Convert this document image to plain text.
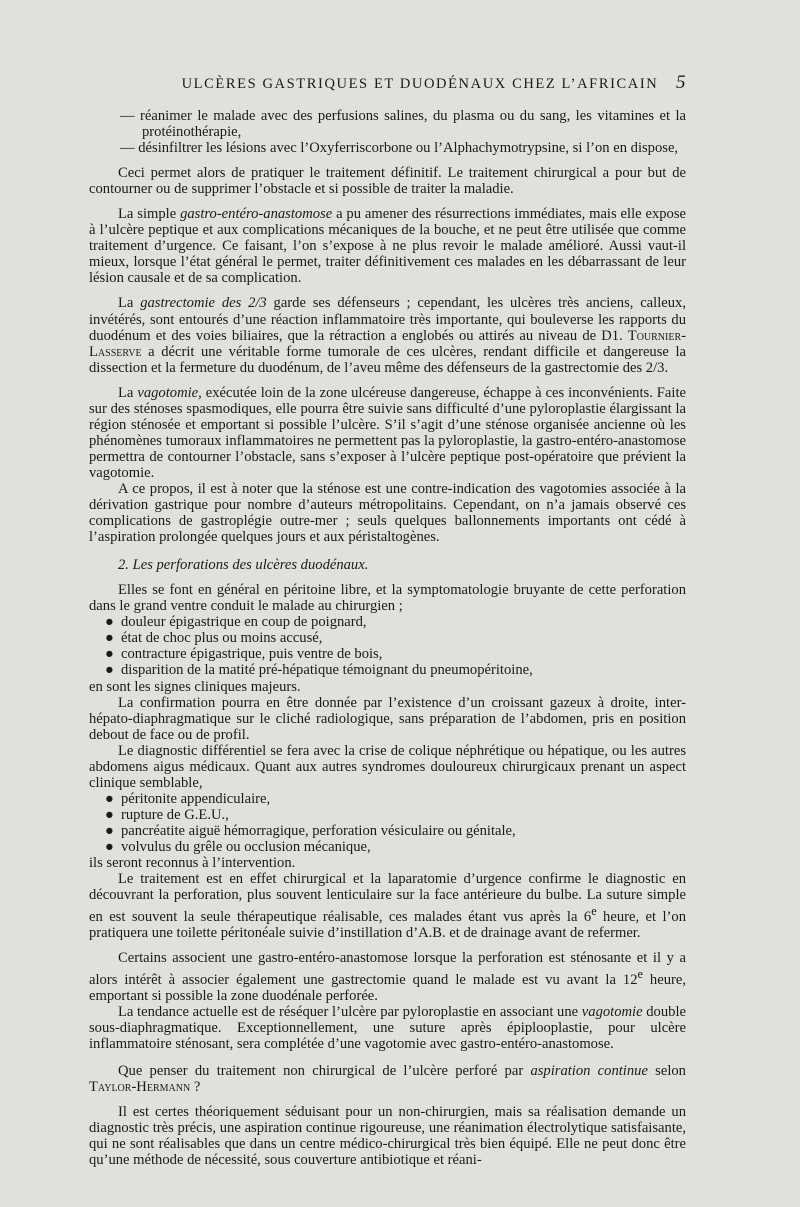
ULCÈRES GASTRIQUES ET DUODÉNAUX CHEZ L’AFRICAIN 5

— réanimer le malade avec des perfusions salines, du plasma ou du sang, les vitamines et la protéinothérapie,

— désinfiltrer les lésions avec l’Oxyferriscorbone ou l’Alphachymotrypsine, si l’on en dispose,

Ceci permet alors de pratiquer le traitement définitif. Le traitement chirurgical a pour but de contourner ou de supprimer l’obstacle et si possible de traiter la maladie.

La simple gastro-entéro-anastomose a pu amener des résurrections immédiates, mais elle expose à l’ulcère peptique et aux complications mécaniques de la bouche, et ne peut être utilisée que comme traitement d’urgence. Ce faisant, l’on s’expose à ne plus revoir le malade amélioré. Aussi vaut-il mieux, lorsque l’état général le permet, traiter définitivement ces malades en les débarrassant de leur lésion causale et de sa complication.

La gastrectomie des 2/3 garde ses défenseurs ; cependant, les ulcères très anciens, calleux, invétérés, sont entourés d’une réaction inflammatoire très importante, qui bouleverse les rapports du duodénum et des voies biliaires, que la rétraction a englobés ou attirés au niveau de D1. Tournier-Lasserve a décrit une véritable forme tumorale de ces ulcères, rendant difficile et dangereuse la dissection et la fermeture du duodénum, de l’aveu même des défenseurs de la gastrectomie des 2/3.

La vagotomie, exécutée loin de la zone ulcéreuse dangereuse, échappe à ces inconvénients. Faite sur des sténoses spasmodiques, elle pourra être suivie sans difficulté d’une pyloroplastie élargissant la région sténosée et emportant si possible l’ulcère. S’il s’agit d’une sténose organisée ancienne où les phénomènes tumoraux inflammatoires ne permettent pas la pyloroplastie, la gastro-entéro-anastomose permettra de contourner l’obstacle, sans s’exposer à l’ulcère peptique post-opératoire que prévient la vagotomie.

A ce propos, il est à noter que la sténose est une contre-indication des vagotomies associée à la dérivation gastrique pour nombre d’auteurs métropolitains. Cependant, on n’a jamais observé ces complications de gastroplégie outre-mer ; seuls quelques ballonnements importants ont cédé à l’aspiration prolongée quelques jours et aux péristaltogènes.

2. Les perforations des ulcères duodénaux.

Elles se font en général en péritoine libre, et la symptomatologie bruyante de cette perforation dans le grand ventre conduit le malade au chirurgien ;

● douleur épigastrique en coup de poignard,

● état de choc plus ou moins accusé,

● contracture épigastrique, puis ventre de bois,

● disparition de la matité pré-hépatique témoignant du pneumopéritoine,

en sont les signes cliniques majeurs.

La confirmation pourra en être donnée par l’existence d’un croissant gazeux à droite, inter-hépato-diaphragmatique sur le cliché radiologique, sans préparation de l’abdomen, pris en position debout de face ou de profil.

Le diagnostic différentiel se fera avec la crise de colique néphrétique ou hépatique, ou les autres abdomens aigus médicaux. Quant aux autres syndromes douloureux chirurgicaux prenant un aspect clinique semblable,

● péritonite appendiculaire,

● rupture de G.E.U.,

● pancréatite aiguë hémorragique, perforation vésiculaire ou génitale,

● volvulus du grêle ou occlusion mécanique,

ils seront reconnus à l’intervention.

Le traitement est en effet chirurgical et la laparatomie d’urgence confirme le diagnostic en découvrant la perforation, plus souvent lenticulaire sur la face antérieure du bulbe. La suture simple en est souvent la seule thérapeutique réalisable, ces malades étant vus après la 6e heure, et l’on pratiquera une toilette péritonéale suivie d’instillation d’A.B. et de drainage avant de refermer.

Certains associent une gastro-entéro-anastomose lorsque la perforation est sténosante et il y a alors intérêt à associer également une gastrectomie quand le malade est vu avant la 12e heure, emportant si possible la zone duodénale perforée.

La tendance actuelle est de réséquer l’ulcère par pyloroplastie en associant une vagotomie double sous-diaphragmatique. Exceptionnellement, une suture après épiplooplastie, pour ulcère inflammatoire sténosant, sera complétée d’une vagotomie avec gastro-entéro-anastomose.

Que penser du traitement non chirurgical de l’ulcère perforé par aspiration continue selon Taylor-Hermann ?

Il est certes théoriquement séduisant pour un non-chirurgien, mais sa réalisation demande un diagnostic très précis, une aspiration continue rigoureuse, une réanimation électrolytique satisfaisante, qui ne sont réalisables que dans un centre médico-chirurgical très bien équipé. Elle ne peut donc être qu’une méthode de nécessité, sous couverture antibiotique et réani-
